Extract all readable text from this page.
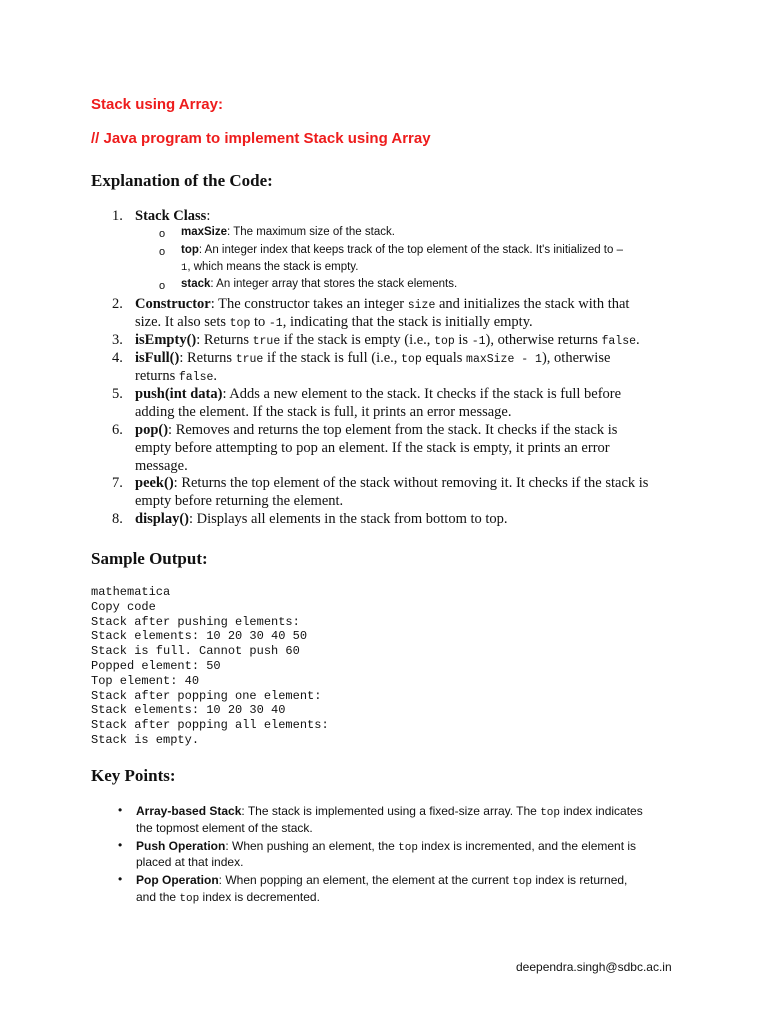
Stack using Array:
// Java program to implement Stack using Array
Explanation of the Code:
1. Stack Class:
o maxSize: The maximum size of the stack.
o top: An integer index that keeps track of the top element of the stack. It's initialized to –
1, which means the stack is empty.
o stack: An integer array that stores the stack elements.
2. Constructor: The constructor takes an integer size and initializes the stack with that
size. It also sets top to -1, indicating that the stack is initially empty.
3. isEmpty(): Returns true if the stack is empty (i.e., top is -1), otherwise returns false.
4. isFull(): Returns true if the stack is full (i.e., top equals maxSize - 1), otherwise
returns false.
5. push(int data): Adds a new element to the stack. It checks if the stack is full before
adding the element. If the stack is full, it prints an error message.
6. pop(): Removes and returns the top element from the stack. It checks if the stack is
empty before attempting to pop an element. If the stack is empty, it prints an error
message.
7. peek(): Returns the top element of the stack without removing it. It checks if the stack is
empty before returning the element.
8. display(): Displays all elements in the stack from bottom to top.
Sample Output:
mathematica
Copy code
Stack after pushing elements:
Stack elements: 10 20 30 40 50
Stack is full. Cannot push 60
Popped element: 50
Top element: 40
Stack after popping one element:
Stack elements: 10 20 30 40
Stack after popping all elements:
Stack is empty.
Key Points:
• Array-based Stack: The stack is implemented using a fixed-size array. The top index indicates
the topmost element of the stack.
• Push Operation: When pushing an element, the top index is incremented, and the element is
placed at that index.
• Pop Operation: When popping an element, the element at the current top index is returned,
and the top index is decremented.
deependra.singh@sdbc.ac.in
